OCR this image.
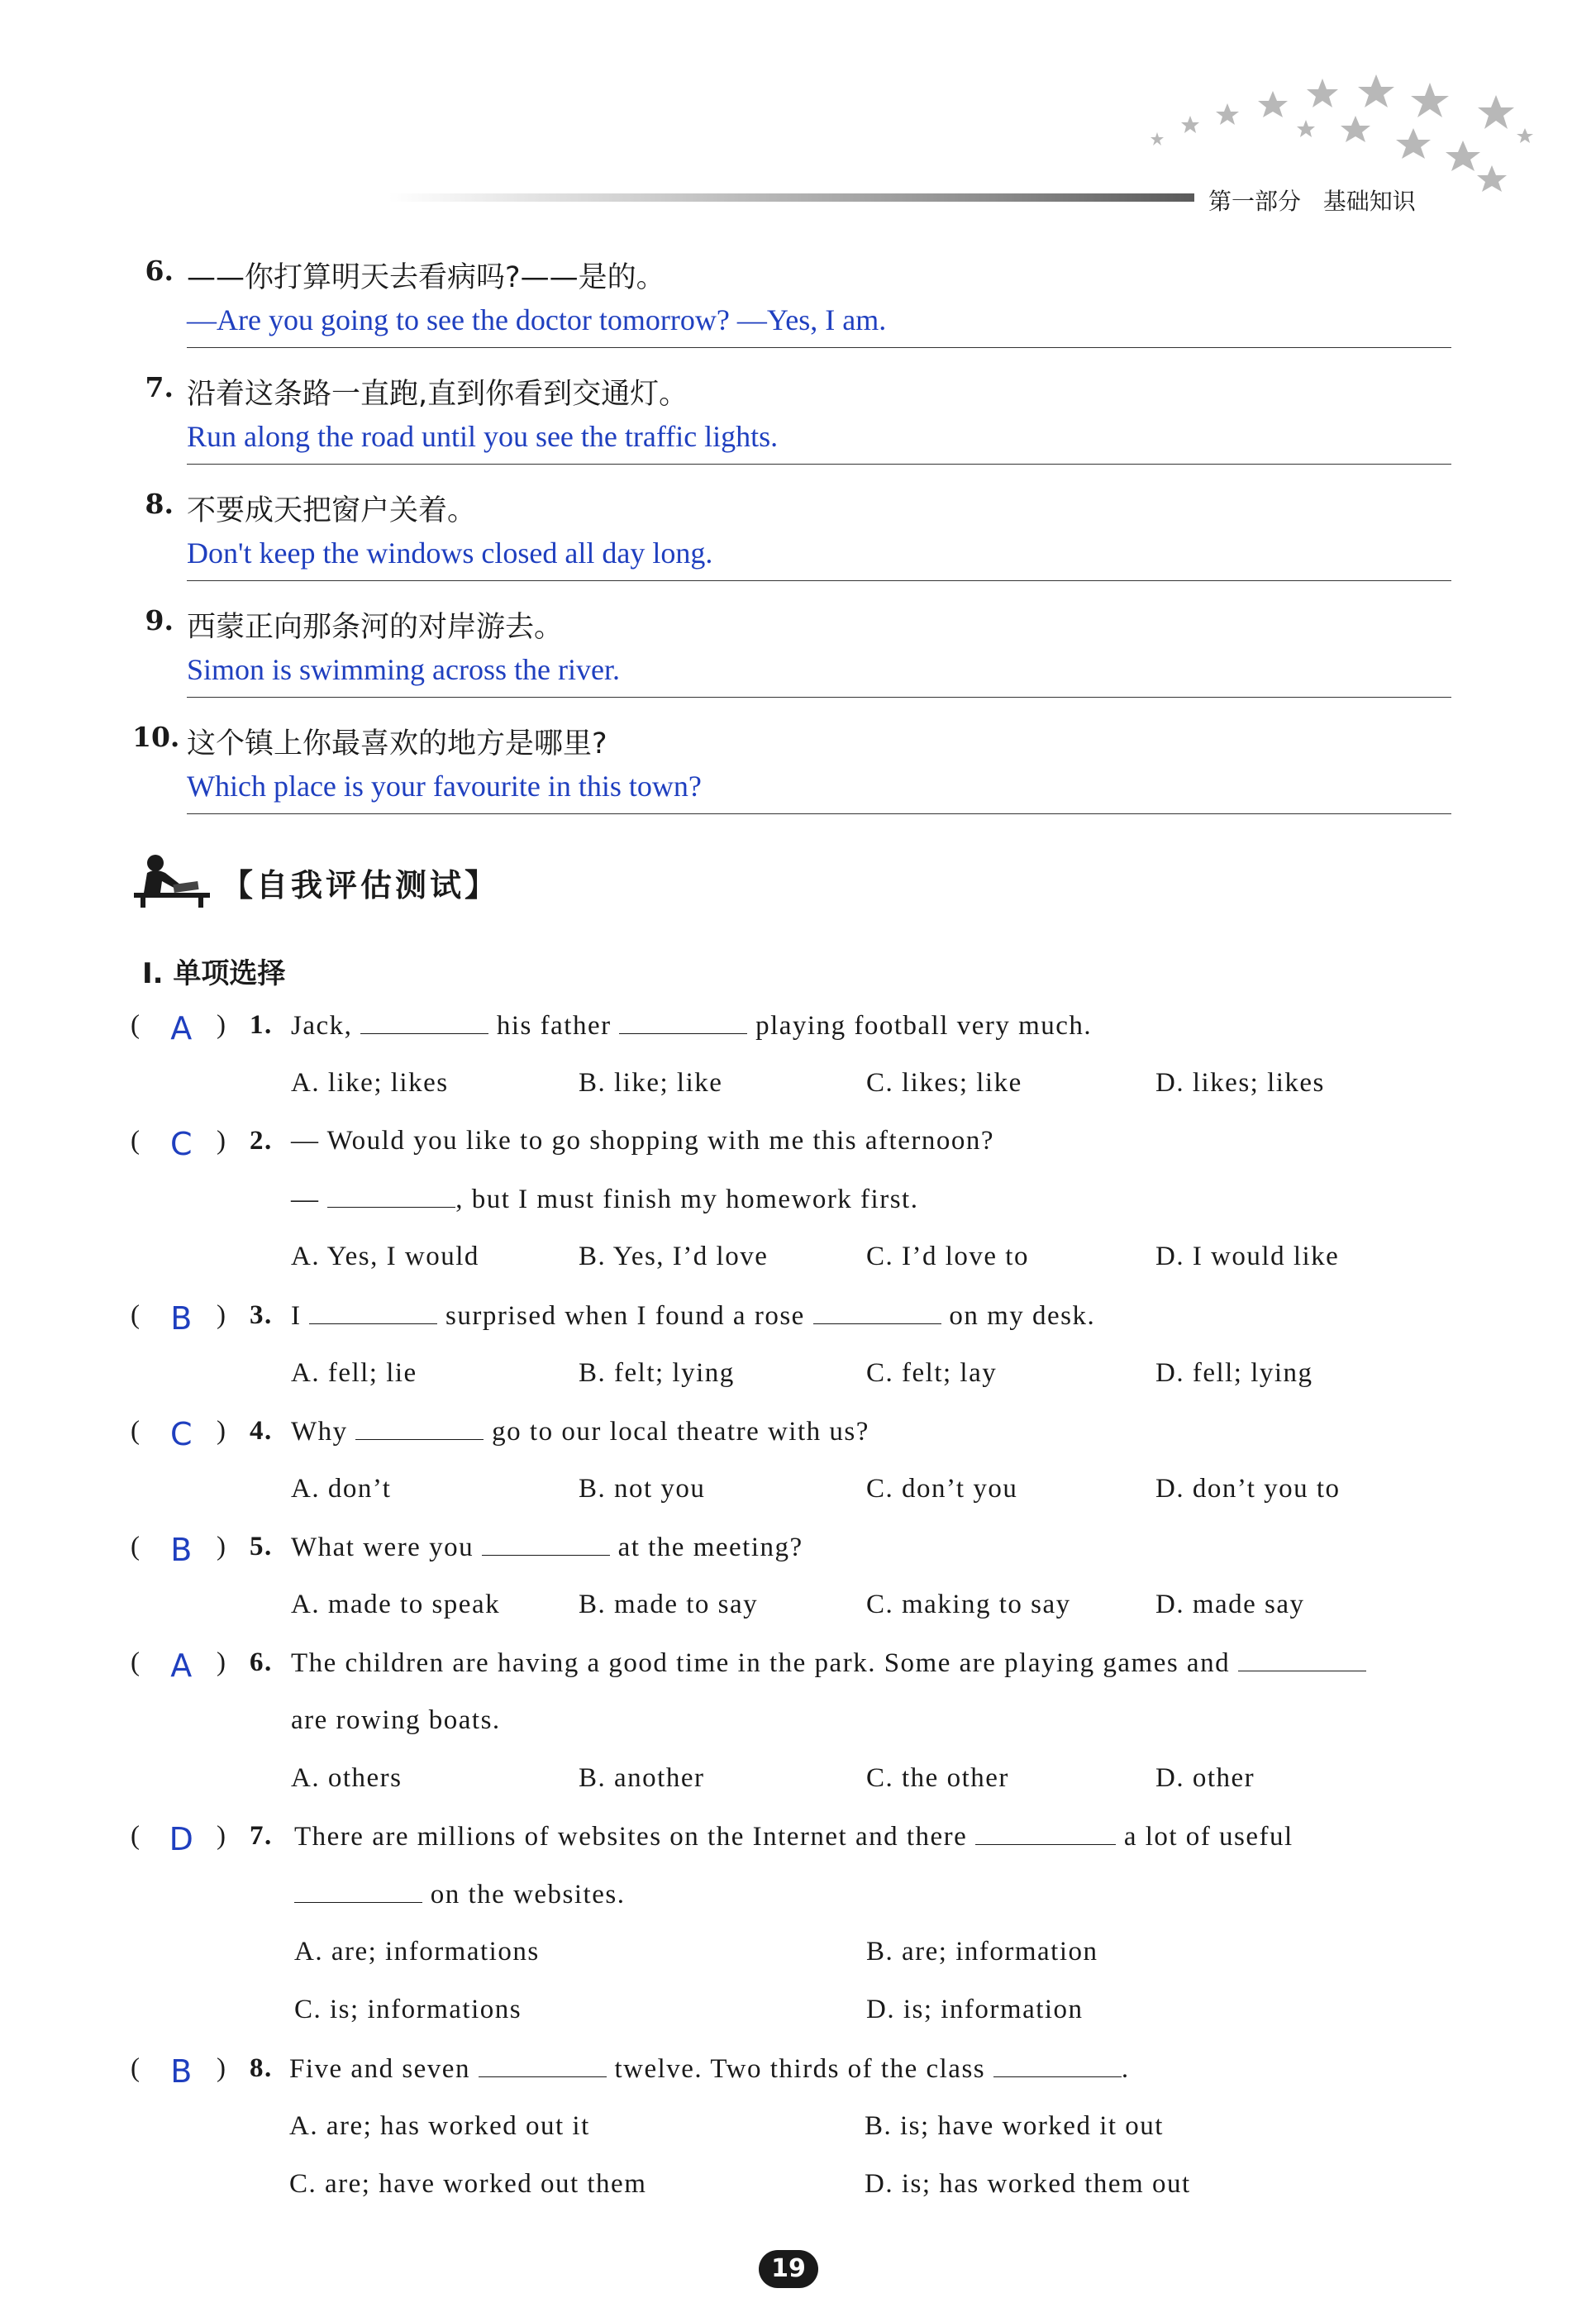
第一部分 基础知识
6. ——你打算明天去看病吗?——是的。
—Are you going to see the doctor tomorrow? —Yes, I am.
7. 沿着这条路一直跑,直到你看到交通灯。
Run along the road until you see the traffic lights.
8. 不要成天把窗户关着。
Don't keep the windows closed all day long.
9. 西蒙正向那条河的对岸游去。
Simon is swimming across the river.
10. 这个镇上你最喜欢的地方是哪里?
Which place is your favourite in this town?
【自我评估测试】
I. 单项选择
(	)
A 1. Jack,	his father	playing football very much.
A. like; likes	B. like; like	C. likes; like	D. likes; likes
(	)
C 2. — Would you like to go shopping with me this afternoon?
—	, but I must finish my homework first.
A. Yes, I would	B. Yes, I’d love	C. I’d love to	D. I would like
(	)
B 3. I	surprised when I found a rose	on my desk.
A. fell; lie	B. felt; lying	C. felt; lay	D. fell; lying
(	)
C 4. Why	go to our local theatre with us?
A. don’t	B. not you	C. don’t you	D. don’t you to
(	)
B 5. What were you	at the meeting?
A. made to speak	B. made to say	C. making to say	D. made say
(	)
A 6. The children are having a good time in the park. Some are playing games and
are rowing boats.
A. others	B. another	C. the other	D. other
(	)
D 7. There are millions of websites on the Internet and there	a lot of useful
on the websites.
A. are; informations	B. are; information
C. is; informations	D. is; information
(	)
B 8. Five and seven	twelve. Two thirds of the class	.
A. are; has worked out it	B. is; have worked it out
C. are; have worked out them	D. is; has worked them out
19
